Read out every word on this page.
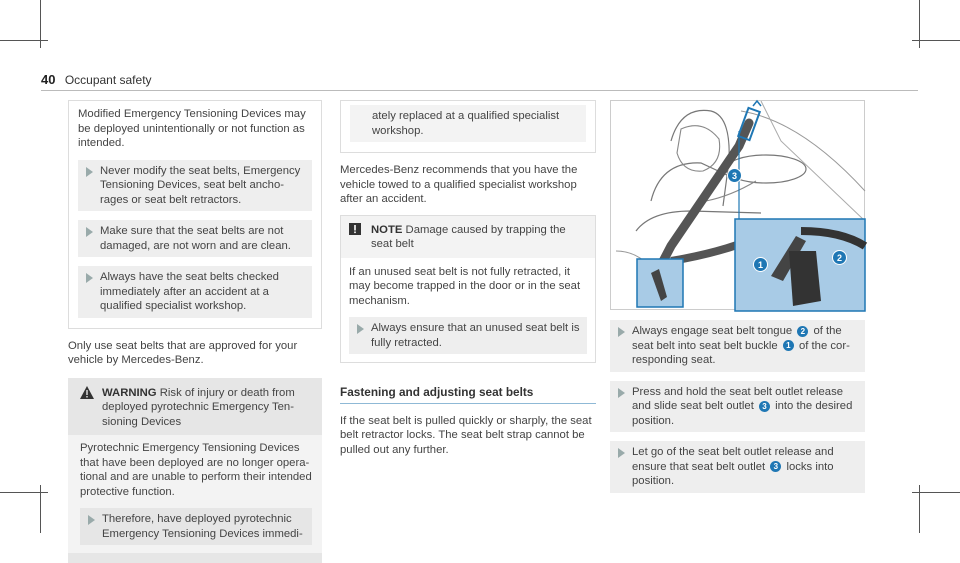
40 Occupant safety

Modified Emergency Tensioning Devices may be deployed unintentionally or not function as intended.

Never modify the seat belts, Emergency Tensioning Devices, seat belt anchorages or seat belt retractors.
Make sure that the seat belts are not damaged, are not worn and are clean.
Always have the seat belts checked immediately after an accident at a qualified specialist workshop.

Only use seat belts that are approved for your vehicle by Mercedes-Benz.

WARNING Risk of injury or death from deployed pyrotechnic Emergency Tensioning Devices

Pyrotechnic Emergency Tensioning Devices that have been deployed are no longer operational and are unable to perform their intended protective function.

Therefore, have deployed pyrotechnic Emergency Tensioning Devices immedi-
ately replaced at a qualified specialist workshop.

Mercedes-Benz recommends that you have the vehicle towed to a qualified specialist workshop after an accident.

NOTE Damage caused by trapping the seat belt

If an unused seat belt is not fully retracted, it may become trapped in the door or in the seat mechanism.

Always ensure that an unused seat belt is fully retracted.
Fastening and adjusting seat belts

If the seat belt is pulled quickly or sharply, the seat belt retractor locks. The seat belt strap cannot be pulled out any further.

3
1
2
Always engage seat belt tongue 2 of the seat belt into seat belt buckle 1 of the corresponding seat.
Press and hold the seat belt outlet release and slide seat belt outlet 3 into the desired position.
Let go of the seat belt outlet release and ensure that seat belt outlet 3 locks into position.
